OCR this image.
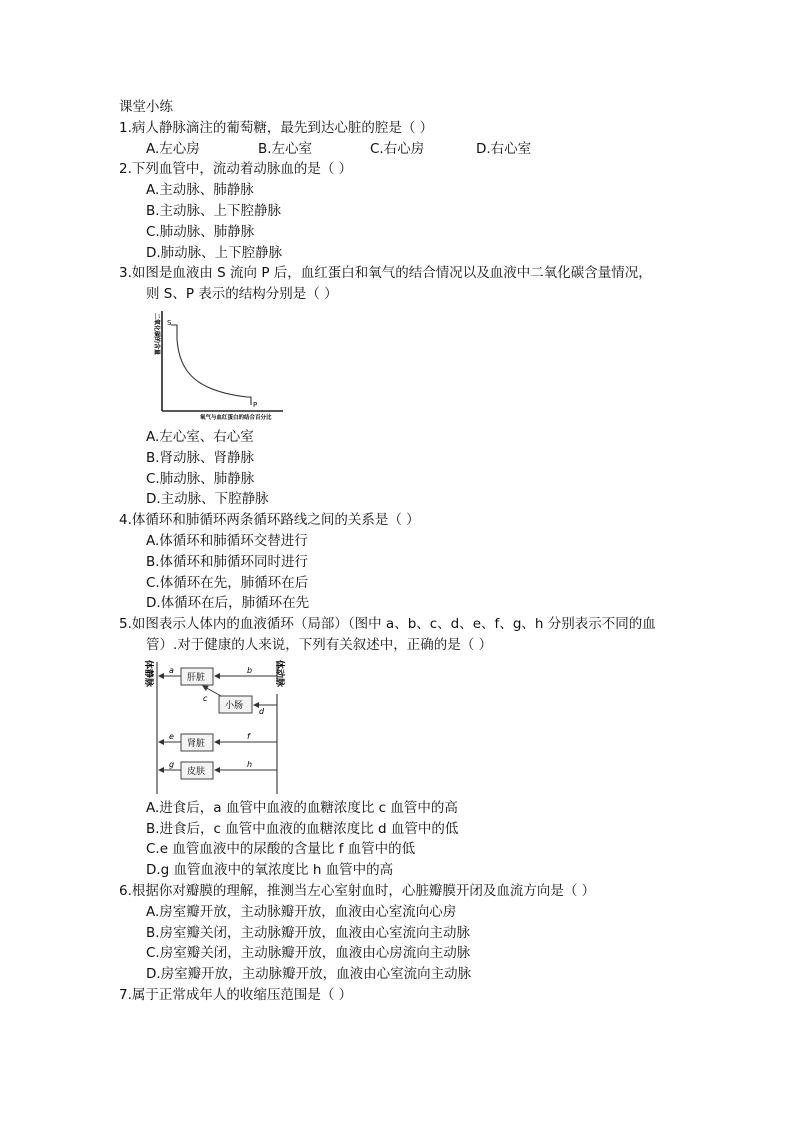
课堂小练
1.病人静脉滴注的葡萄糖，最先到达心脏的腔是（ ）
A.左心房	B.左心室	C.右心房	D.右心室
2.下列血管中，流动着动脉血的是（ ）
A.主动脉、肺静脉
B.主动脉、上下腔静脉
C.肺动脉、肺静脉
D.肺动脉、上下腔静脉
3.如图是血液由 S 流向 P 后，血红蛋白和氧气的结合情况以及血液中二氧化碳含量情况，
则 S、P 表示的结构分别是（ ）
二氧化碳的含量 S
P
氧气与血红蛋白的结合百分比
A.左心室、右心室
B.肾动脉、肾静脉
C.肺动脉、肺静脉
D.主动脉、下腔静脉
4.体循环和肺循环两条循环路线之间的关系是（ ）
A.体循环和肺循环交替进行
B.体循环和肺循环同时进行
C.体循环在先，肺循环在后
D.体循环在后，肺循环在先
5.如图表示人体内的血液循环（局部）（图中 a、b、c、d、e、f、g、h 分别表示不同的血
管）.对于健康的人来说，下列有关叙述中，正确的是（ ）
体静脉	体动脉
肝脏
a	b
小肠
c
d
肾脏
e	f
皮肤
g	h
A.进食后，a 血管中血液的血糖浓度比 c 血管中的高
B.进食后，c 血管中血液的血糖浓度比 d 血管中的低
C.e 血管血液中的尿酸的含量比 f 血管中的低
D.g 血管血液中的氧浓度比 h 血管中的高
6.根据你对瓣膜的理解，推测当左心室射血时，心脏瓣膜开闭及血流方向是（ ）
A.房室瓣开放，主动脉瓣开放，血液由心室流向心房
B.房室瓣关闭，主动脉瓣开放，血液由心室流向主动脉
C.房室瓣关闭，主动脉瓣开放，血液由心房流向主动脉
D.房室瓣开放，主动脉瓣开放，血液由心室流向主动脉
7.属于正常成年人的收缩压范围是（ ）
